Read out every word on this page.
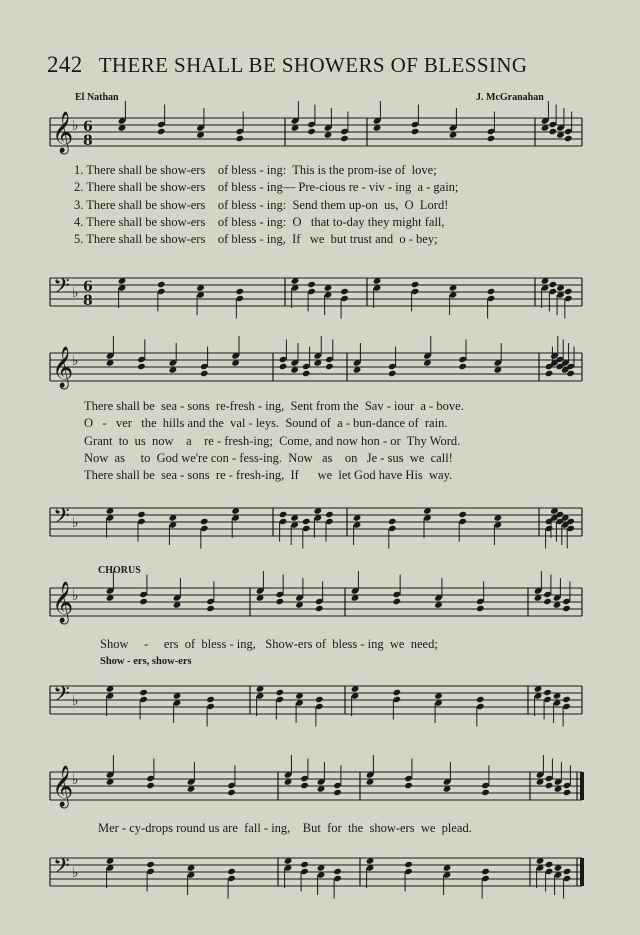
242 THERE SHALL BE SHOWERS OF BLESSING
El Nathan	J. McGranahan
𝄞
♭ 6
8
1. There shall be show-ers    of bless - ing:  This is the prom-ise of  love;
2. There shall be show-ers    of bless - ing— Pre-cious re - viv - ing  a - gain;
3. There shall be show-ers    of bless - ing:  Send them up-on  us,  O  Lord!
4. There shall be show-ers    of bless - ing:  O   that to-day they might fall,
5. There shall be show-ers    of bless - ing,  If   we  but trust and  o - bey;
𝄢 ♭ 6
8
𝄞
♭
There shall be  sea - sons  re-fresh - ing,  Sent from the  Sav - iour  a - bove.
O   -   ver   the  hills and the  val - leys.  Sound of  a - bun-dance of  rain.
Grant  to  us  now    a    re - fresh-ing;  Come, and now hon - or  Thy Word.
Now  as     to  God we're con - fess-ing.  Now   as    on   Je - sus  we  call!
There shall be  sea - sons  re - fresh-ing,  If      we  let God have His  way.
𝄢 ♭
CHORUS
𝄞
♭
Show     -     ers  of  bless - ing,   Show-ers of  bless - ing  we  need;
Show - ers, show-ers
𝄢 ♭
𝄞
♭
Mer - cy-drops round us are  fall - ing,    But  for  the  show-ers  we  plead.
𝄢 ♭
